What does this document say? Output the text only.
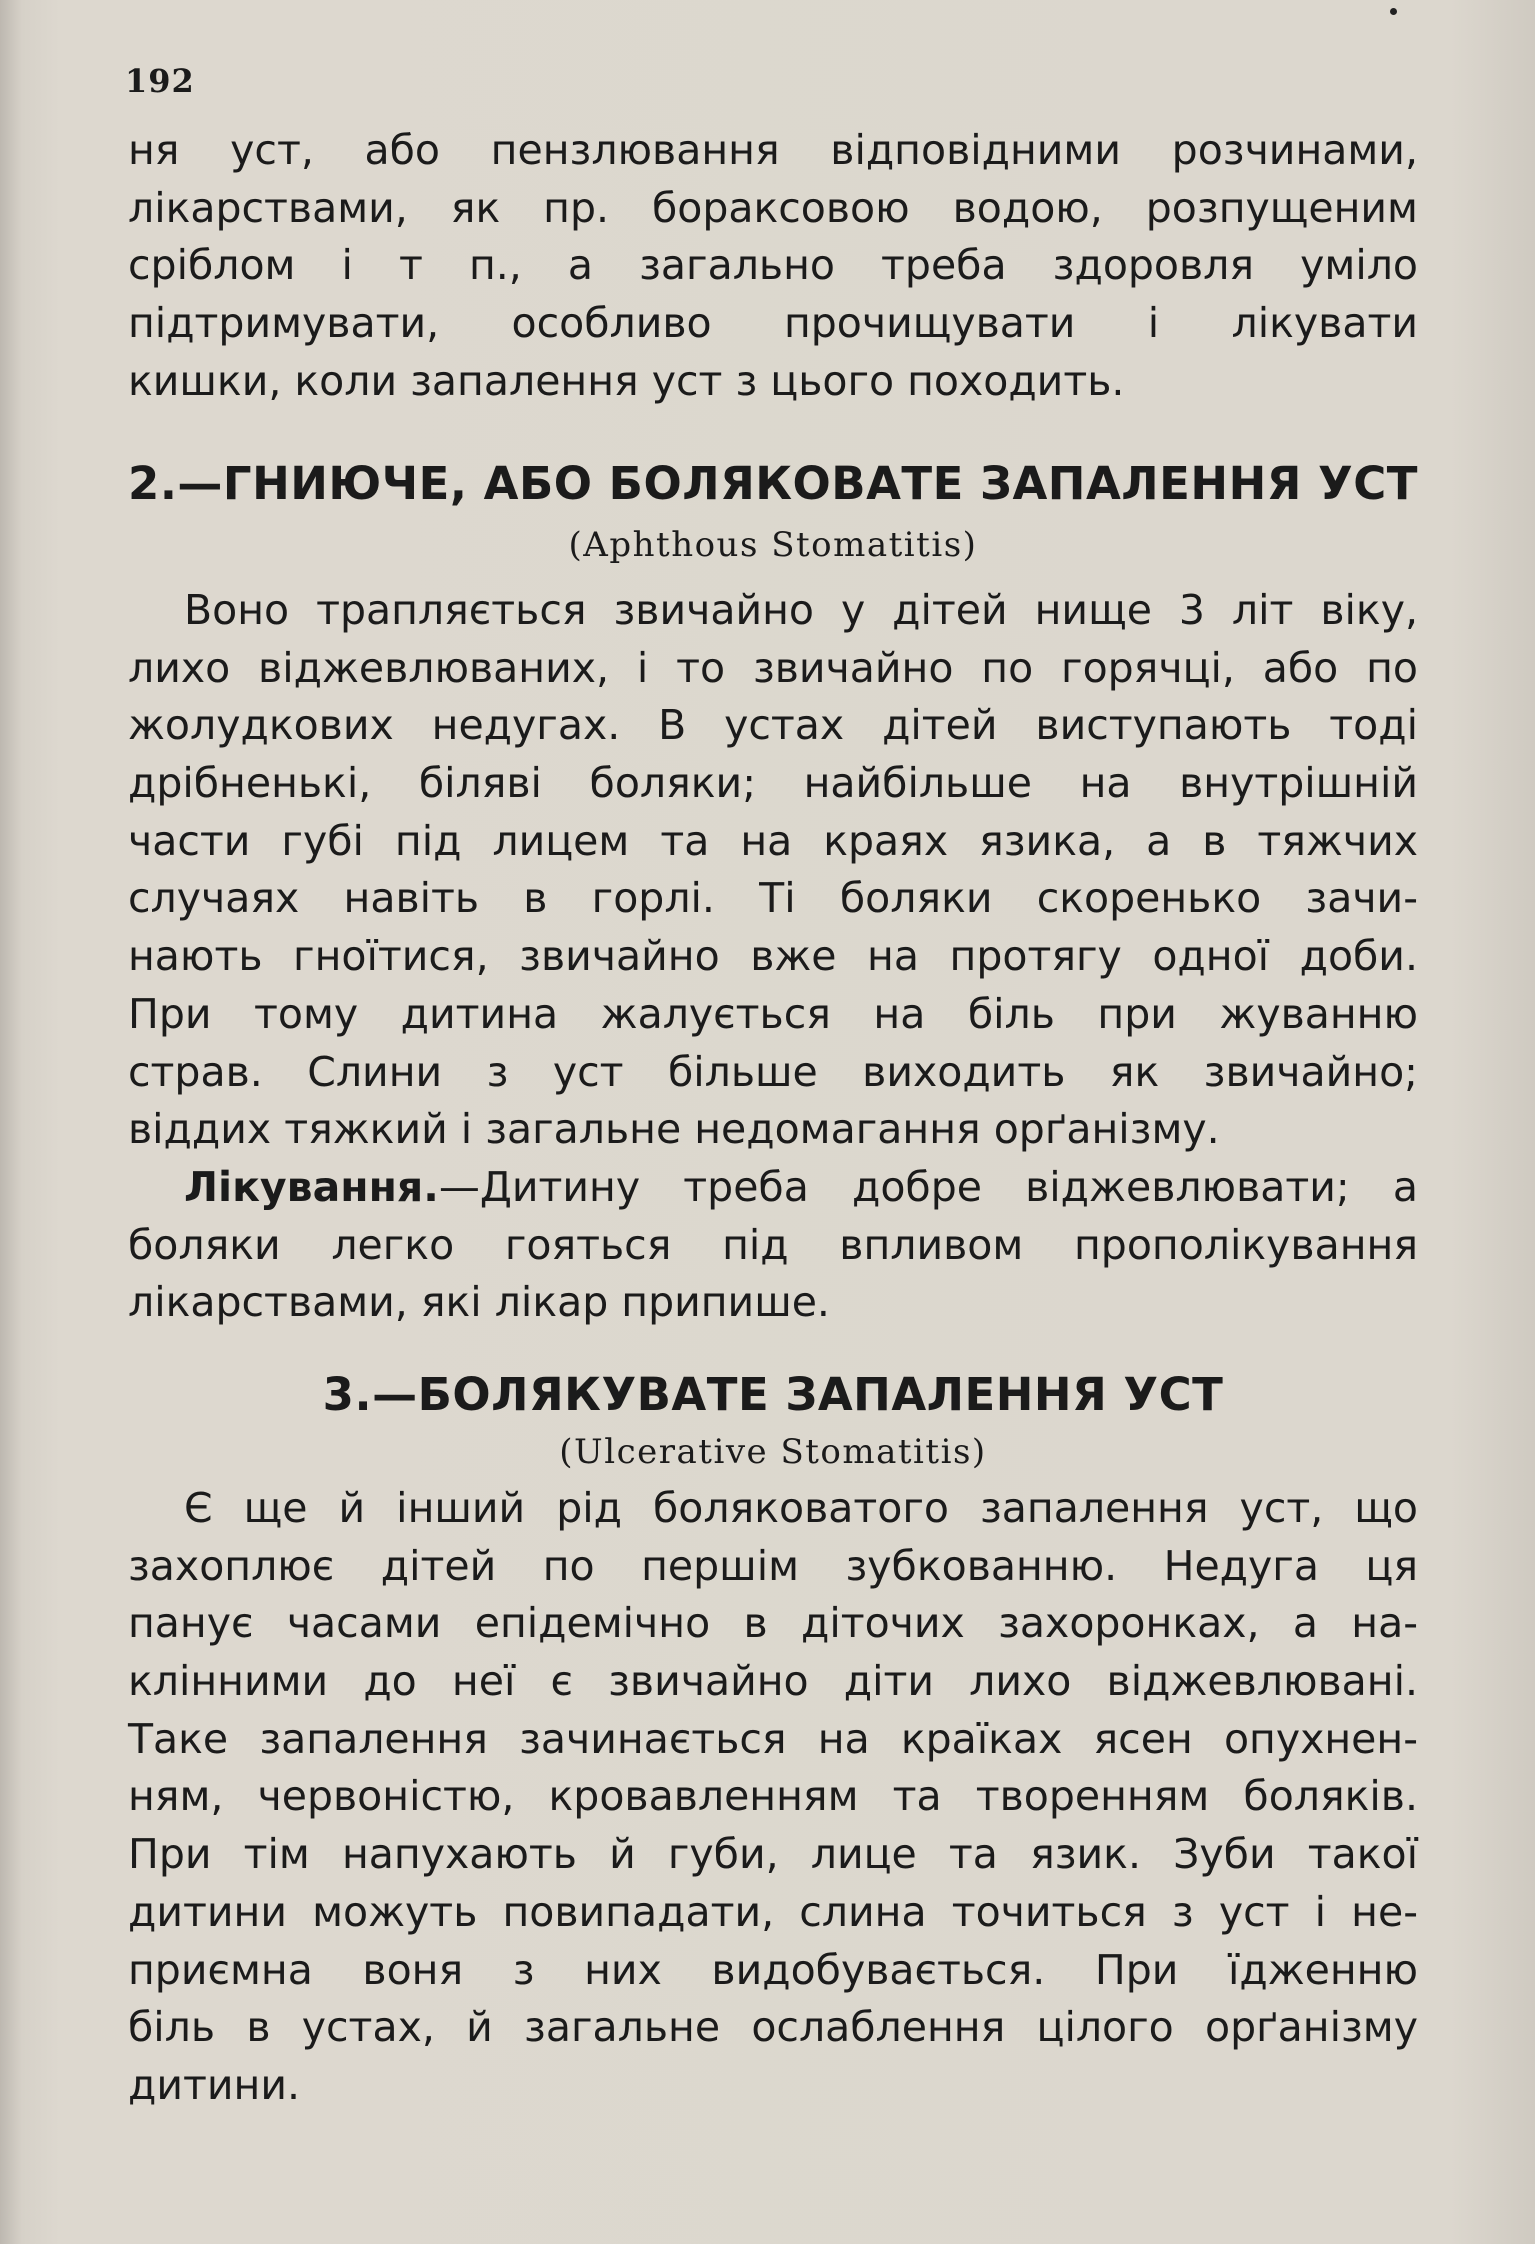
192
ня уст, або пензлювання відповідними розчинами,
лікарствами, як пр. бораксовою водою, розпущеним
сріблом і т п., а загально треба здоровля уміло
підтримувати, особливо прочищувати і лікувати
кишки, коли запалення уст з цього походить.
2.—ГНИЮЧЕ, АБО БОЛЯКОВАТЕ ЗАПАЛЕННЯ УСТ
(Aphthous Stomatitis)
Воно трапляється звичайно у дітей нище 3 літ віку,
лихо віджевлюваних, і то звичайно по горячці, або по
жолудкових недугах. В устах дітей виступають тоді
дрібненькі, біляві боляки; найбільше на внутрішній
части губі під лицем та на краях язика, а в тяжчих
случаях навіть в горлі. Ті боляки скоренько зачи-
нають гноїтися, звичайно вже на протягу одної доби.
При тому дитина жалується на біль при жуванню
страв. Слини з уст більше виходить як звичайно;
віддих тяжкий і загальне недомагання орґанізму.
Лікування.—Дитину треба добре віджевлювати; а
боляки легко гояться під впливом прополікування
лікарствами, які лікар припише.
3.—БОЛЯКУВАТЕ ЗАПАЛЕННЯ УСТ
(Ulcerative Stomatitis)
Є ще й інший рід боляковатого запалення уст, що
захоплює дітей по першім зубкованню. Недуга ця
панує часами епідемічно в діточих захоронках, а на-
клінними до неї є звичайно діти лихо віджевлювані.
Таке запалення зачинається на країках ясен опухнен-
ням, червоністю, кровавленням та творенням боляків.
При тім напухають й губи, лице та язик. Зуби такої
дитини можуть повипадати, слина точиться з уст і не-
приємна воня з них видобувається. При їдженню
біль в устах, й загальне ослаблення цілого орґанізму
дитини.
